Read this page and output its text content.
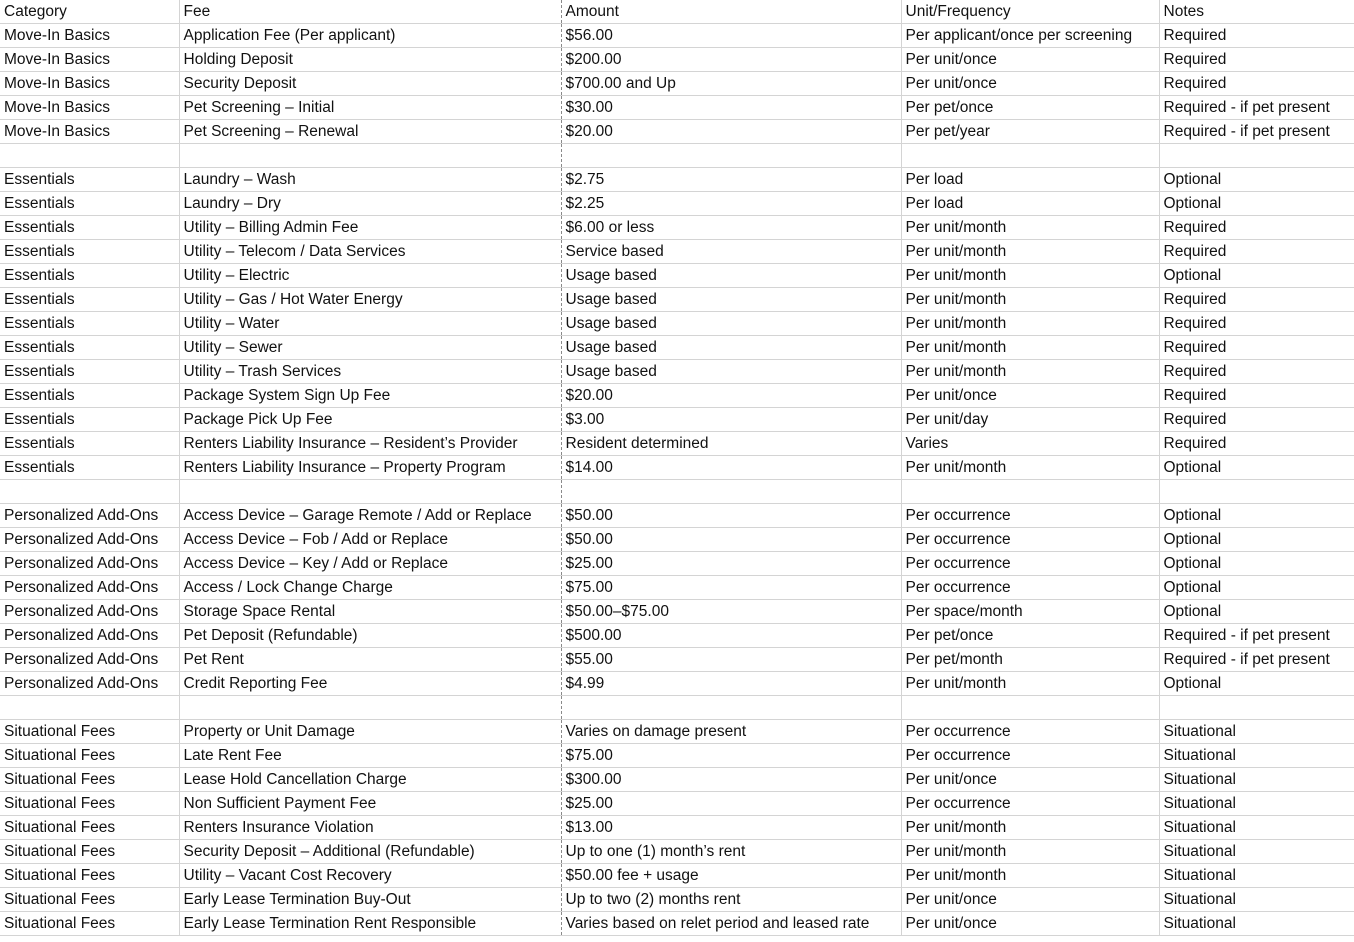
Category	Fee	Amount	Unit/Frequency	Notes
Move-In Basics	Application Fee (Per applicant)	$56.00	Per applicant/once per screening	Required
Move-In Basics	Holding Deposit	$200.00	Per unit/once	Required
Move-In Basics	Security Deposit	$700.00 and Up	Per unit/once	Required
Move-In Basics	Pet Screening – Initial	$30.00	Per pet/once	Required - if pet present
Move-In Basics	Pet Screening – Renewal	$20.00	Per pet/year	Required - if pet present

Essentials	Laundry – Wash	$2.75	Per load	Optional
Essentials	Laundry – Dry	$2.25	Per load	Optional
Essentials	Utility – Billing Admin Fee	$6.00 or less	Per unit/month	Required
Essentials	Utility – Telecom / Data Services	Service based	Per unit/month	Required
Essentials	Utility – Electric	Usage based	Per unit/month	Optional
Essentials	Utility – Gas / Hot Water Energy	Usage based	Per unit/month	Required
Essentials	Utility – Water	Usage based	Per unit/month	Required
Essentials	Utility – Sewer	Usage based	Per unit/month	Required
Essentials	Utility – Trash Services	Usage based	Per unit/month	Required
Essentials	Package System Sign Up Fee	$20.00	Per unit/once	Required
Essentials	Package Pick Up Fee	$3.00	Per unit/day	Required
Essentials	Renters Liability Insurance – Resident’s Provider	Resident determined	Varies	Required
Essentials	Renters Liability Insurance – Property Program	$14.00	Per unit/month	Optional

Personalized Add-Ons	Access Device – Garage Remote / Add or Replace	$50.00	Per occurrence	Optional
Personalized Add-Ons	Access Device – Fob / Add or Replace	$50.00	Per occurrence	Optional
Personalized Add-Ons	Access Device – Key / Add or Replace	$25.00	Per occurrence	Optional
Personalized Add-Ons	Access / Lock Change Charge	$75.00	Per occurrence	Optional
Personalized Add-Ons	Storage Space Rental	$50.00–$75.00	Per space/month	Optional
Personalized Add-Ons	Pet Deposit (Refundable)	$500.00	Per pet/once	Required - if pet present
Personalized Add-Ons	Pet Rent	$55.00	Per pet/month	Required - if pet present
Personalized Add-Ons	Credit Reporting Fee	$4.99	Per unit/month	Optional

Situational Fees	Property or Unit Damage	Varies on damage present	Per occurrence	Situational
Situational Fees	Late Rent Fee	$75.00	Per occurrence	Situational
Situational Fees	Lease Hold Cancellation Charge	$300.00	Per unit/once	Situational
Situational Fees	Non Sufficient Payment Fee	$25.00	Per occurrence	Situational
Situational Fees	Renters Insurance Violation	$13.00	Per unit/month	Situational
Situational Fees	Security Deposit – Additional (Refundable)	Up to one (1) month’s rent	Per unit/month	Situational
Situational Fees	Utility – Vacant Cost Recovery	$50.00 fee + usage	Per unit/month	Situational
Situational Fees	Early Lease Termination Buy-Out	Up to two (2) months rent	Per unit/once	Situational
Situational Fees	Early Lease Termination Rent Responsible	Varies based on relet period and leased rate	Per unit/once	Situational
